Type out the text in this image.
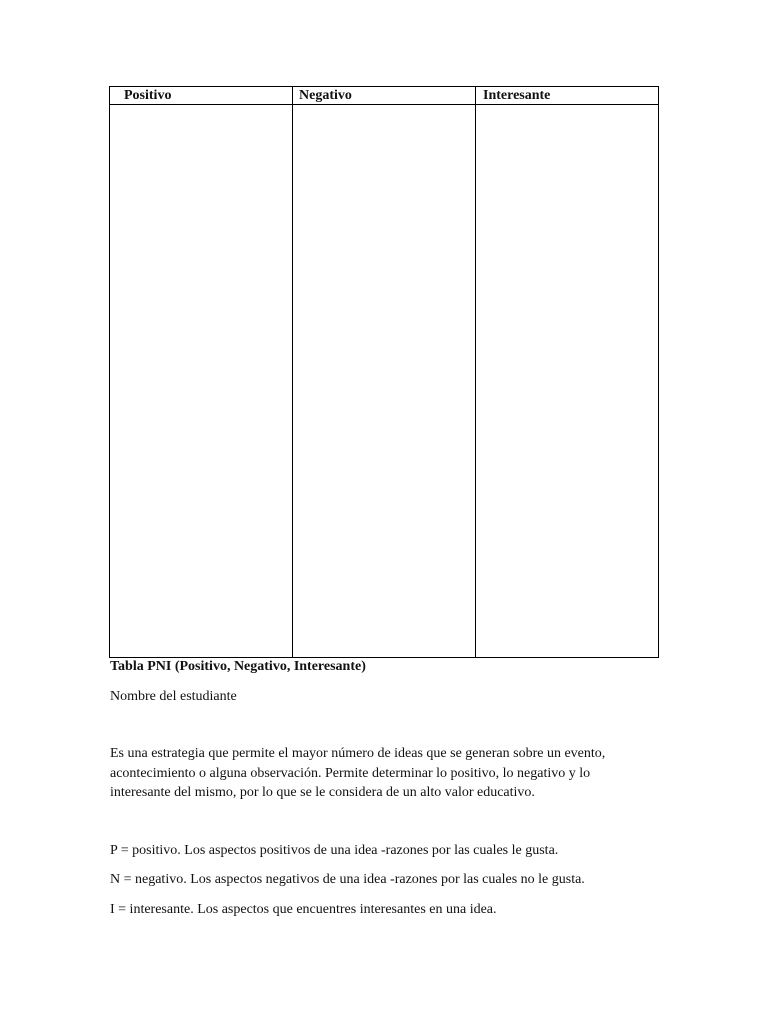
Positivo	Negativo	Interesante

Tabla PNI (Positivo, Negativo, Interesante)
Nombre del estudiante
Es una estrategia que permite el mayor número de ideas que se generan sobre un evento,
acontecimiento o alguna observación. Permite determinar lo positivo, lo negativo y lo
interesante del mismo, por lo que se le considera de un alto valor educativo.
P = positivo. Los aspectos positivos de una idea -razones por las cuales le gusta.
N = negativo. Los aspectos negativos de una idea -razones por las cuales no le gusta.
I = interesante. Los aspectos que encuentres interesantes en una idea.
